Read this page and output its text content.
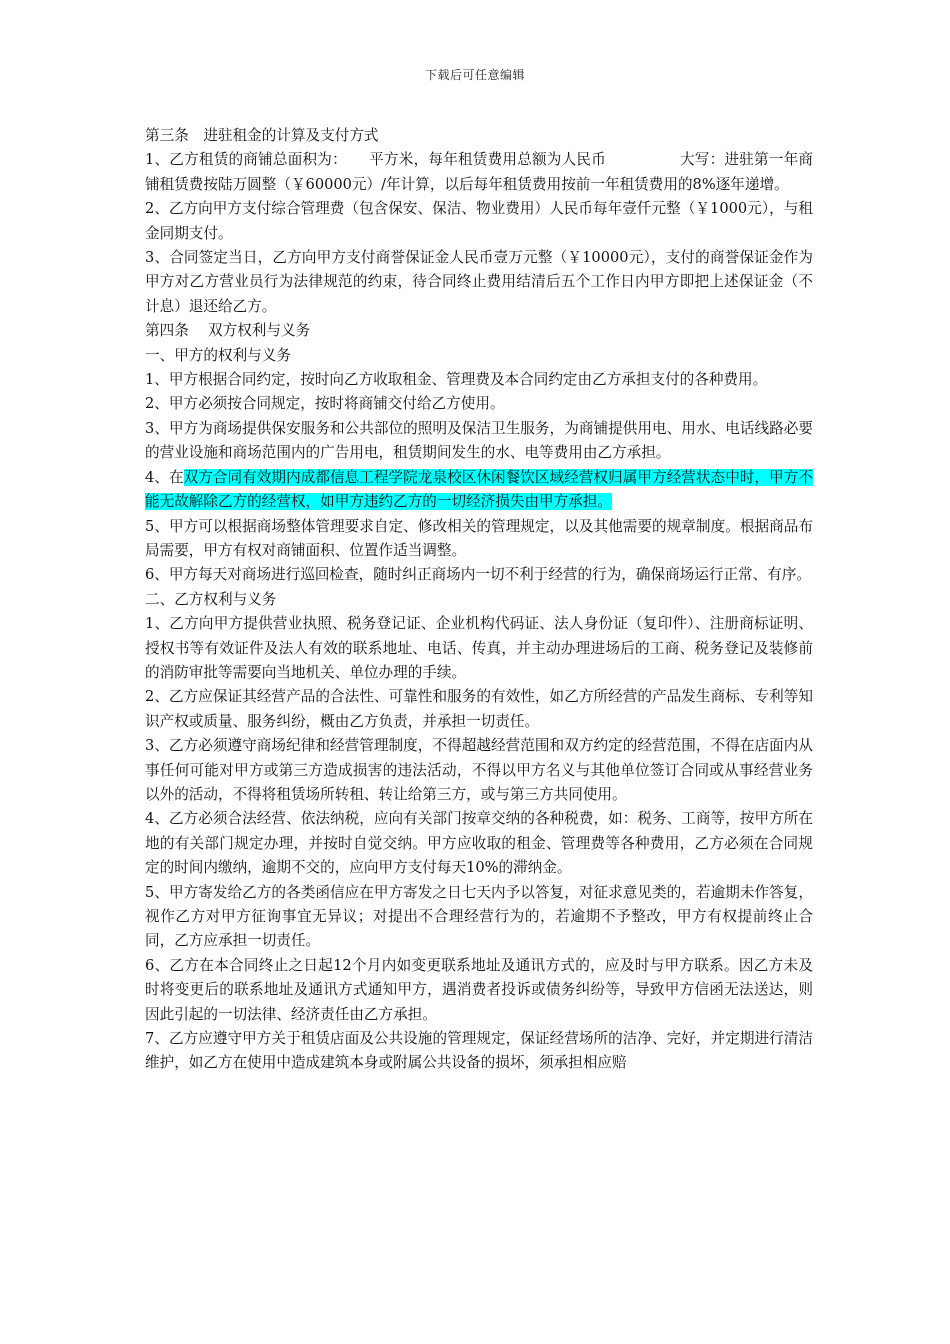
下载后可任意编辑

第三条　进驻租金的计算及支付方式

1、乙方租赁的商铺总面积为：　　平方米，每年租赁费用总额为人民币　　　　　大写：进驻第一年商铺租赁费按陆万圆整（￥60000元）/年计算，以后每年租赁费用按前一年租赁费用的8%逐年递增。

2、乙方向甲方支付综合管理费（包含保安、保洁、物业费用）人民币每年壹仟元整（￥1000元），与租金同期支付。

3、合同签定当日，乙方向甲方支付商誉保证金人民币壹万元整（￥10000元），支付的商誉保证金作为甲方对乙方营业员行为法律规范的约束，待合同终止费用结清后五个工作日内甲方即把上述保证金（不计息）退还给乙方。

第四条　 双方权利与义务

一、甲方的权利与义务

1、甲方根据合同约定，按时向乙方收取租金、管理费及本合同约定由乙方承担支付的各种费用。

2、甲方必须按合同规定，按时将商铺交付给乙方使用。

3、甲方为商场提供保安服务和公共部位的照明及保洁卫生服务，为商铺提供用电、用水、电话线路必要的营业设施和商场范围内的广告用电，租赁期间发生的水、电等费用由乙方承担。

4、在双方合同有效期内成都信息工程学院龙泉校区休闲餐饮区域经营权归属甲方经营状态中时，甲方不能无故解除乙方的经营权，如甲方违约乙方的一切经济损失由甲方承担。

5、甲方可以根据商场整体管理要求自定、修改相关的管理规定，以及其他需要的规章制度。根据商品布局需要，甲方有权对商铺面积、位置作适当调整。

6、甲方每天对商场进行巡回检查，随时纠正商场内一切不利于经营的行为，确保商场运行正常、有序。

二、乙方权利与义务

1、乙方向甲方提供营业执照、税务登记证、企业机构代码证、法人身份证（复印件）、注册商标证明、授权书等有效证件及法人有效的联系地址、电话、传真，并主动办理进场后的工商、税务登记及装修前的消防审批等需要向当地机关、单位办理的手续。

2、乙方应保证其经营产品的合法性、可靠性和服务的有效性，如乙方所经营的产品发生商标、专利等知识产权或质量、服务纠纷，概由乙方负责，并承担一切责任。

3、乙方必须遵守商场纪律和经营管理制度，不得超越经营范围和双方约定的经营范围，不得在店面内从事任何可能对甲方或第三方造成损害的违法活动，不得以甲方名义与其他单位签订合同或从事经营业务以外的活动，不得将租赁场所转租、转让给第三方，或与第三方共同使用。

4、乙方必须合法经营、依法纳税，应向有关部门按章交纳的各种税费，如：税务、工商等，按甲方所在地的有关部门规定办理，并按时自觉交纳。甲方应收取的租金、管理费等各种费用，乙方必须在合同规定的时间内缴纳，逾期不交的，应向甲方支付每天10%的滞纳金。

5、甲方寄发给乙方的各类函信应在甲方寄发之日七天内予以答复，对征求意见类的，若逾期未作答复，视作乙方对甲方征询事宜无异议；对提出不合理经营行为的，若逾期不予整改，甲方有权提前终止合同，乙方应承担一切责任。

6、乙方在本合同终止之日起12个月内如变更联系地址及通讯方式的，应及时与甲方联系。因乙方未及时将变更后的联系地址及通讯方式通知甲方，遇消费者投诉或债务纠纷等，导致甲方信函无法送达，则因此引起的一切法律、经济责任由乙方承担。

7、乙方应遵守甲方关于租赁店面及公共设施的管理规定，保证经营场所的洁净、完好，并定期进行清洁维护，如乙方在使用中造成建筑本身或附属公共设备的损坏，须承担相应赔
